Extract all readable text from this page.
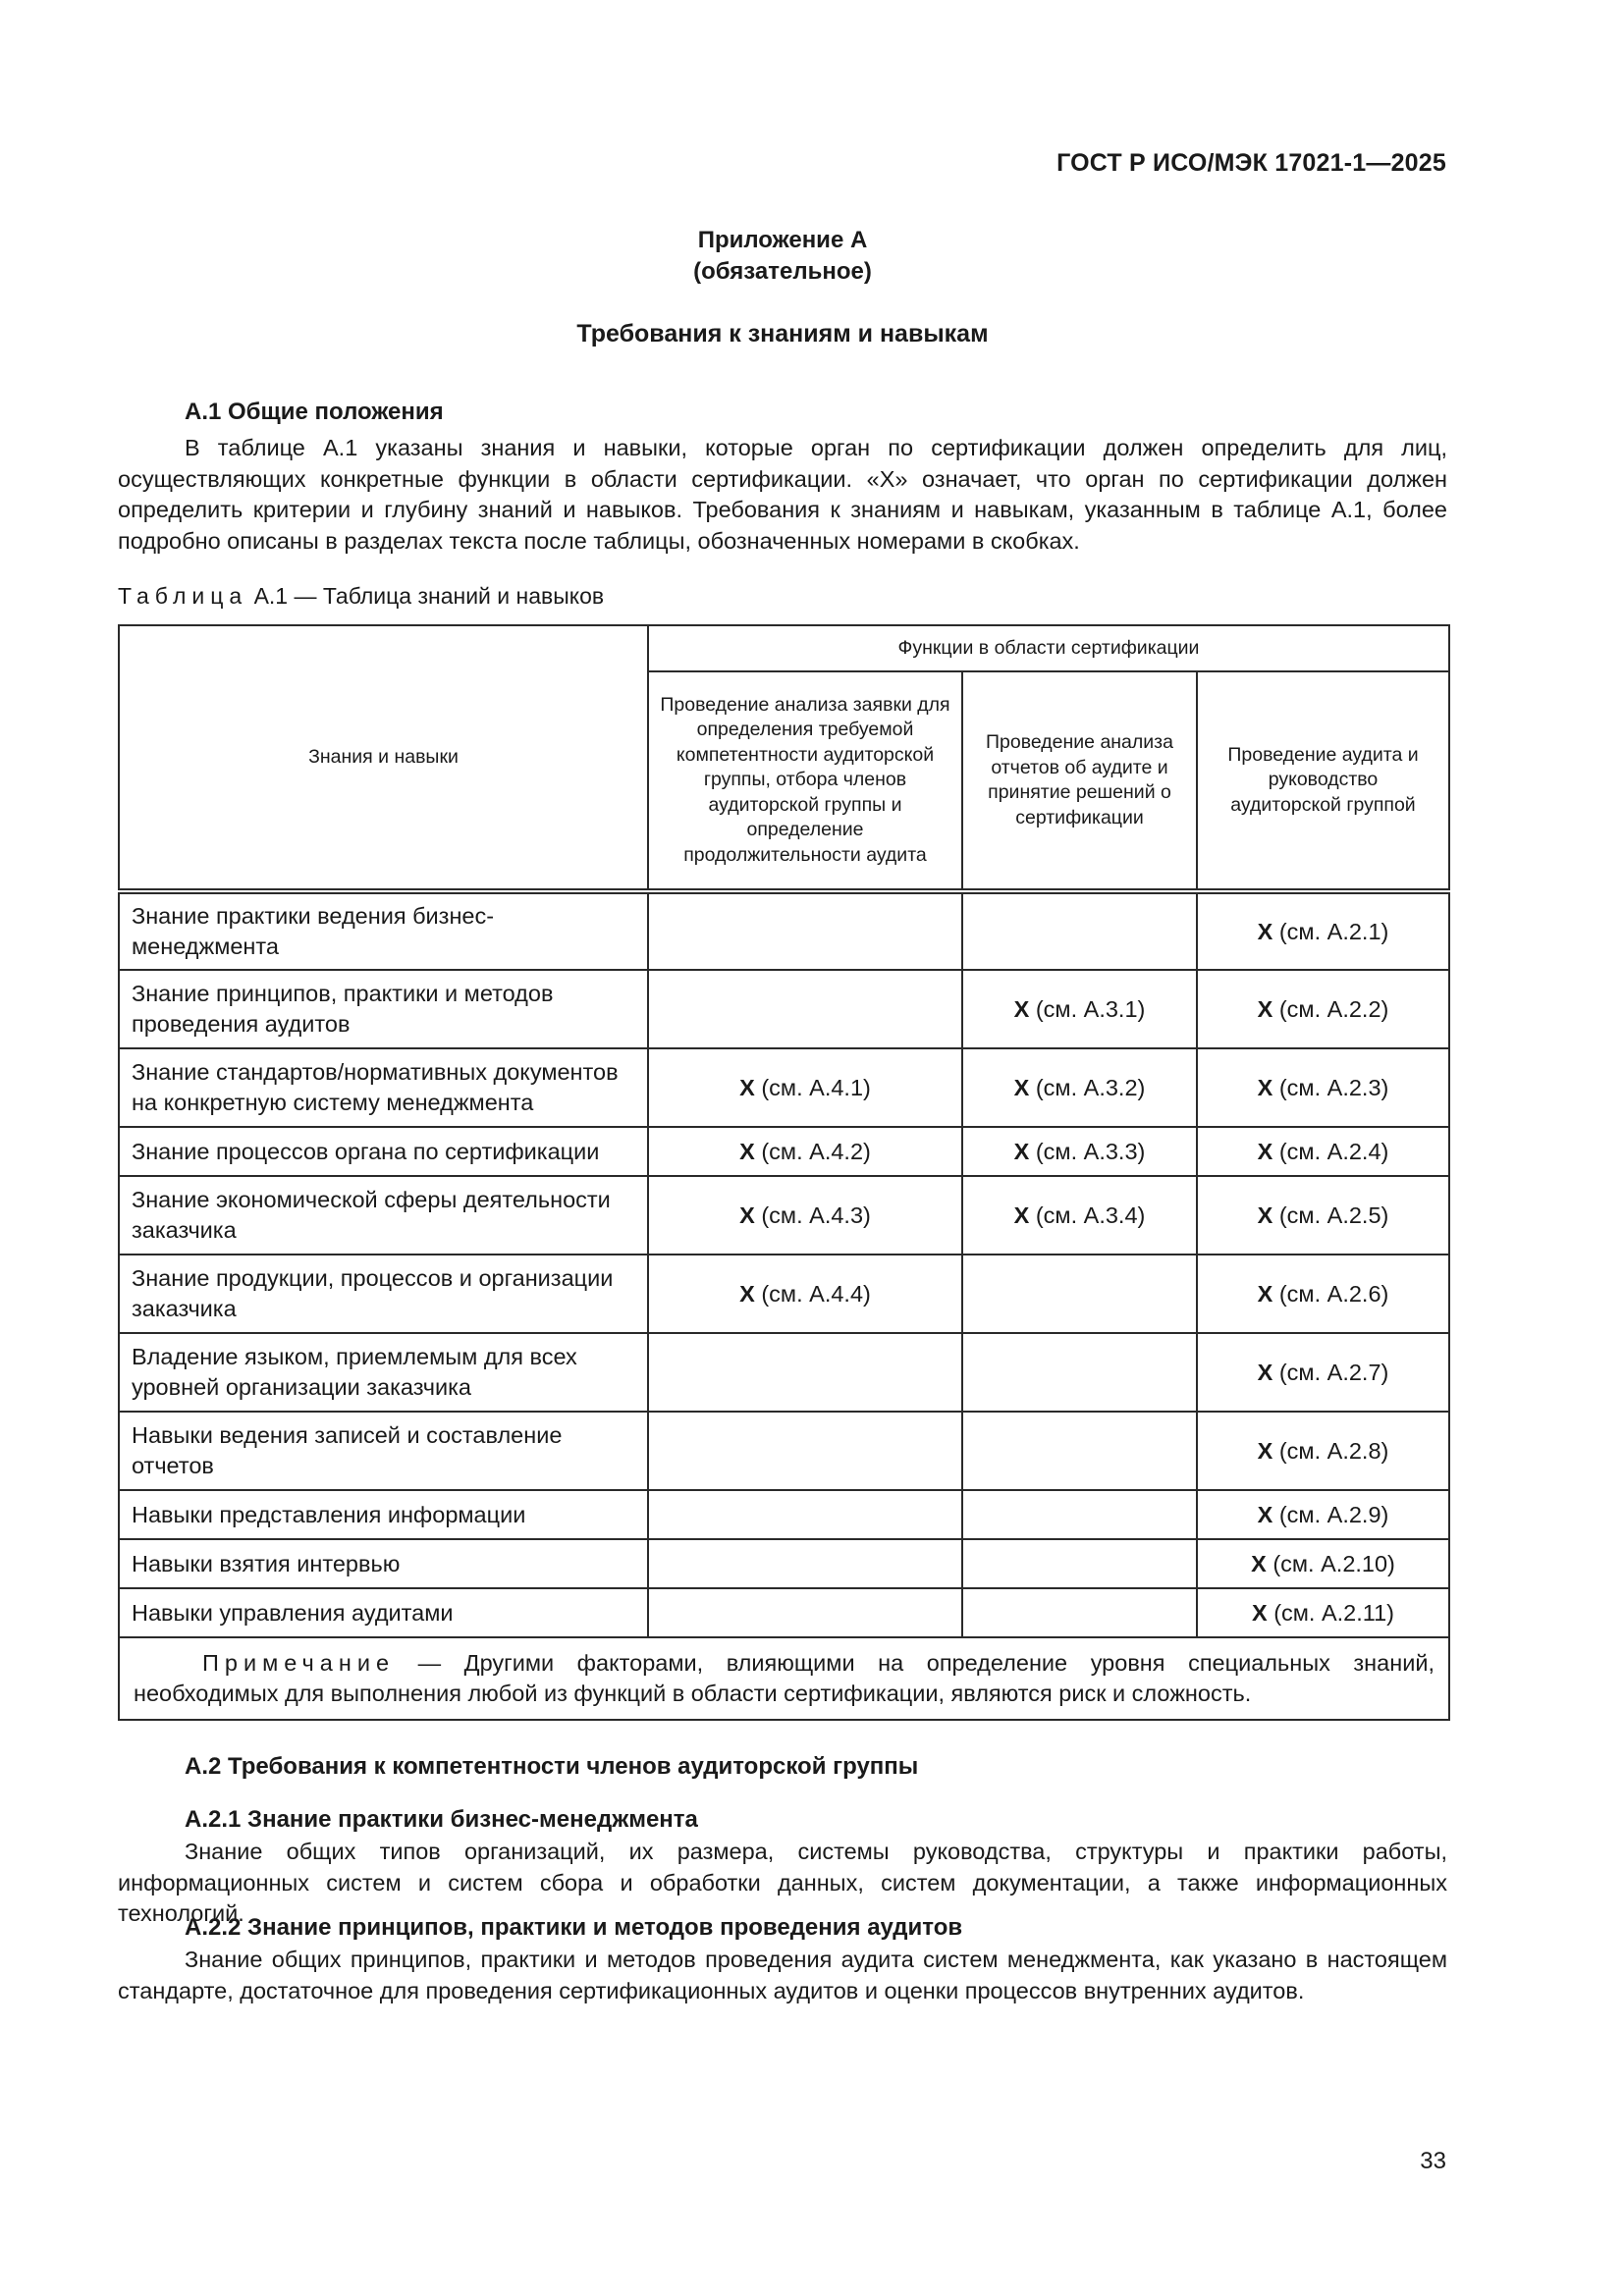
ГОСТ Р ИСО/МЭК 17021-1—2025
Приложение А
(обязательное)
Требования к знаниям и навыкам
А.1 Общие положения
В таблице А.1 указаны знания и навыки, которые орган по сертификации должен определить для лиц, осуществляющих конкретные функции в области сертификации. «X» означает, что орган по сертификации должен определить критерии и глубину знаний и навыков. Требования к знаниям и навыкам, указанным в таблице А.1, более подробно описаны в разделах текста после таблицы, обозначенных номерами в скобках.
Таблица А.1 — Таблица знаний и навыков
Знания и навыки	Функции в области сертификации		
	Проведение анализа заявки для определения требуемой компетентности аудиторской группы, отбора членов аудиторской группы и определение продолжительности аудита	Проведение анализа отчетов об аудите и принятие решений о сертификации	Проведение аудита и руководство аудиторской группой
Знание практики ведения бизнес-менеджмента			X (см. А.2.1)
Знание принципов, практики и методов проведения аудитов		X (см. А.3.1)	X (см. А.2.2)
Знание стандартов/нормативных документов на конкретную систему менеджмента	X (см. А.4.1)	X (см. А.3.2)	X (см. А.2.3)
Знание процессов органа по сертификации	X (см. А.4.2)	X (см. А.3.3)	X (см. А.2.4)
Знание экономической сферы деятельности заказчика	X (см. А.4.3)	X (см. А.3.4)	X (см. А.2.5)
Знание продукции, процессов и организации заказчика	X (см. А.4.4)		X (см. А.2.6)
Владение языком, приемлемым для всех уровней организации заказчика			X (см. А.2.7)
Навыки ведения записей и составление отчетов			X (см. А.2.8)
Навыки представления информации			X (см. А.2.9)
Навыки взятия интервью			X (см. А.2.10)
Навыки управления аудитами			X (см. А.2.11)
Примечание — Другими факторами, влияющими на определение уровня специальных знаний, необходимых для выполнения любой из функций в области сертификации, являются риск и сложность.			
А.2 Требования к компетентности членов аудиторской группы
А.2.1 Знание практики бизнес-менеджмента
Знание общих типов организаций, их размера, системы руководства, структуры и практики работы, информационных систем и систем сбора и обработки данных, систем документации, а также информационных технологий.
А.2.2 Знание принципов, практики и методов проведения аудитов
Знание общих принципов, практики и методов проведения аудита систем менеджмента, как указано в настоящем стандарте, достаточное для проведения сертификационных аудитов и оценки процессов внутренних аудитов.
33
